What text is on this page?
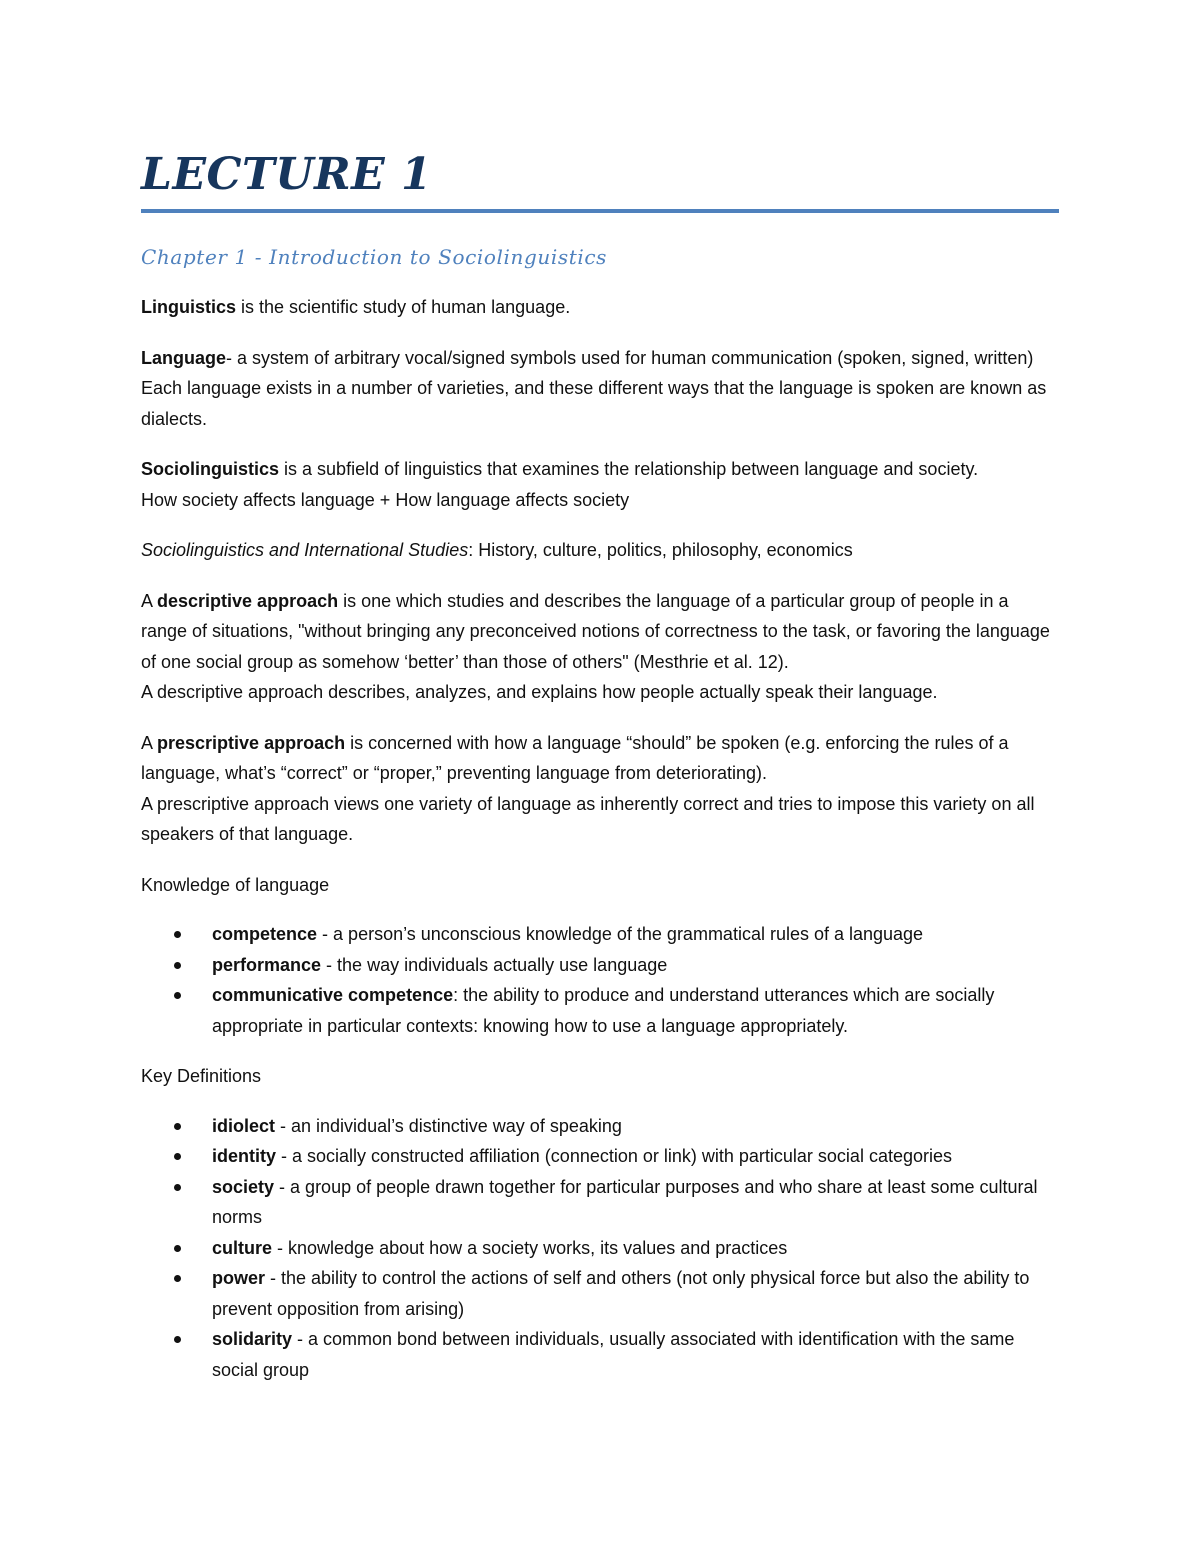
LECTURE 1
Chapter 1 - Introduction to Sociolinguistics

Linguistics is the scientific study of human language.

Language- a system of arbitrary vocal/signed symbols used for human communication (spoken, signed, written)

Each language exists in a number of varieties, and these different ways that the language is spoken are known as dialects.

Sociolinguistics is a subfield of linguistics that examines the relationship between language and society.

How society affects language + How language affects society

Sociolinguistics and International Studies: History, culture, politics, philosophy, economics

A descriptive approach is one which studies and describes the language of a particular group of people in a range of situations, "without bringing any preconceived notions of correctness to the task, or favoring the language of one social group as somehow ‘better’ than those of others" (Mesthrie et al. 12).

A descriptive approach describes, analyzes, and explains how people actually speak their language.

A prescriptive approach is concerned with how a language “should” be spoken (e.g. enforcing the rules of a language, what’s “correct” or “proper,” preventing language from deteriorating).

A prescriptive approach views one variety of language as inherently correct and tries to impose this variety on all speakers of that language.

Knowledge of language

competence - a person’s unconscious knowledge of the grammatical rules of a language
performance - the way individuals actually use language
communicative competence: the ability to produce and understand utterances which are socially appropriate in particular contexts: knowing how to use a language appropriately.

Key Definitions

idiolect - an individual’s distinctive way of speaking
identity - a socially constructed affiliation (connection or link) with particular social categories
society - a group of people drawn together for particular purposes and who share at least some cultural norms
culture - knowledge about how a society works, its values and practices
power - the ability to control the actions of self and others (not only physical force but also the ability to prevent opposition from arising)
solidarity - a common bond between individuals, usually associated with identification with the same social group
